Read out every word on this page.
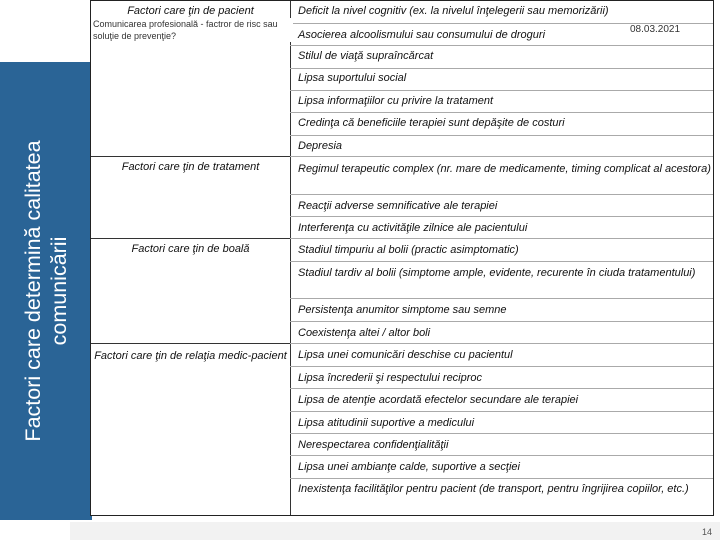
Factori care determină calitatea comunicării
Factori care ţin de pacient
Factori care ţin de tratament
Factori care ţin de boală
Factori care ţin de relaţia medic-pacient
Deficit la nivel cognitiv (ex. la nivelul înţelegerii sau memorizării)
Asocierea alcoolismului sau consumului de droguri
Stilul de viaţă supraîncărcat
Lipsa suportului social
Lipsa informaţiilor cu privire la tratament
Credinţa că beneficiile terapiei sunt depăşite de costuri
Depresia
Regimul terapeutic complex (nr. mare de medicamente, timing complicat al acestora)
Reacţii adverse semnificative ale terapiei
Interferenţa cu activităţile zilnice ale pacientului
Stadiul timpuriu al bolii (practic asimptomatic)
Stadiul tardiv al bolii (simptome ample, evidente, recurente în ciuda tratamentului)
Persistenţa anumitor simptome sau semne
Coexistenţa altei / altor boli
Lipsa unei comunicări deschise cu pacientul
Lipsa încrederii şi respectului reciproc
Lipsa de atenţie acordată efectelor secundare ale terapiei
Lipsa atitudinii suportive a medicului
Nerespectarea confidenţialităţii
Lipsa unei ambianţe calde, suportive a secţiei
Inexistenţa facilităţilor pentru pacient (de transport, pentru îngrijirea copiilor, etc.)
Comunicarea profesională - factror de risc sau soluţie de prevenţie?
08.03.2021
14
